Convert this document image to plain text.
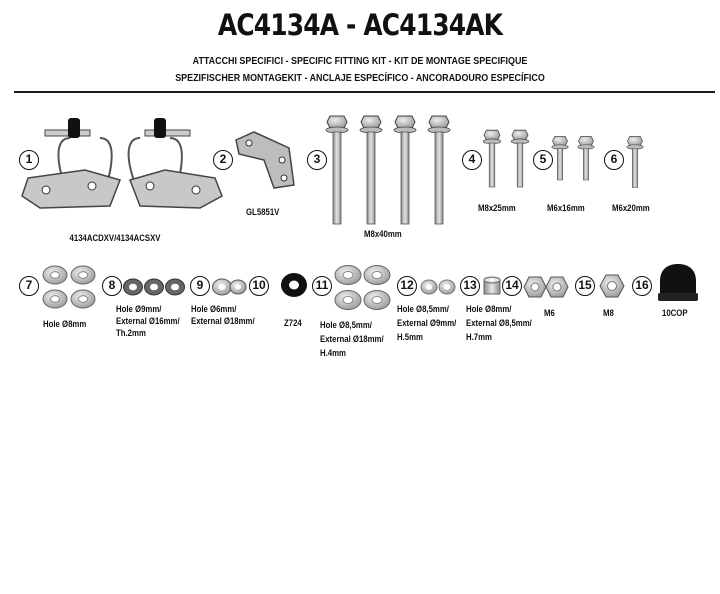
AC4134A - AC4134AK
ATTACCHI SPECIFICI - SPECIFIC FITTING KIT - KIT DE MONTAGE SPECIFIQUE
SPEZIFISCHER MONTAGEKIT - ANCLAJE ESPECÍFICO - ANCORADOURO ESPECÍFICO
1
4134ACDXV/4134ACSXV
2
GL5851V
3
M8x40mm
4
M8x25mm
5
M6x16mm
6
M6x20mm
7
Hole Ø8mm
8
Hole Ø9mm/
External Ø16mm/
Th.2mm
9
Hole Ø6mm/
External Ø18mm/
10
Z724
11
Hole Ø8,5mm/
External Ø18mm/
H.4mm
12
Hole Ø8,5mm/
External Ø9mm/
H.5mm
13
Hole Ø8mm/
External Ø8,5mm/
H.7mm
14
M6
15
M8
16
10COP
